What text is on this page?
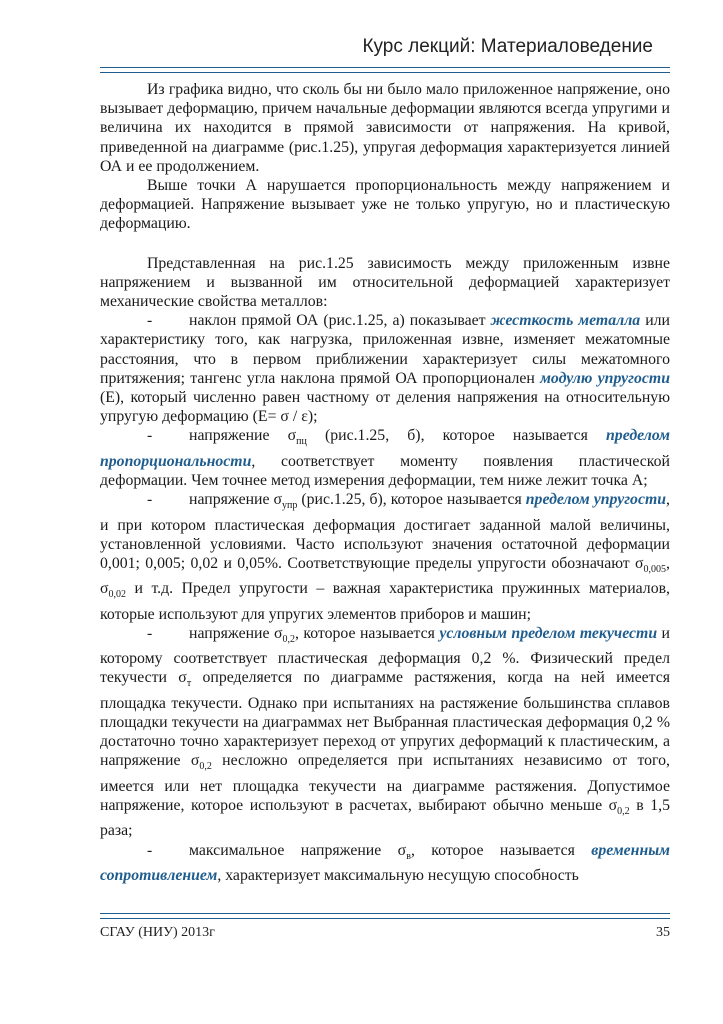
Курс лекций: Материаловедение

Из графика видно, что сколь бы ни было мало приложенное напряжение, оно вызывает деформацию, причем начальные деформации являются всегда упругими и величина их находится в прямой зависимости от напряжения. На кривой, приведенной на диаграмме (рис.1.25), упругая деформация характеризуется линией ОА и ее продолжением.

Выше точки А нарушается пропорциональность между напряжением и деформацией. Напряжение вызывает уже не только упругую, но и пластическую деформацию.

Представленная на рис.1.25 зависимость между приложенным извне напряжением и вызванной им относительной деформацией характеризует механические свойства металлов:

- наклон прямой ОА (рис.1.25, а) показывает жесткость металла или характеристику того, как нагрузка, приложенная извне, изменяет межатомные расстояния, что в первом приближении характеризует силы межатомного притяжения; тангенс угла наклона прямой ОА пропорционален модулю упругости (Е), который численно равен частному от деления напряжения на относительную упругую деформацию (Е= σ / ε);

- напряжение $\sigma_{пц}$ (рис.1.25, б), которое называется пределом пропорциональности, соответствует моменту появления пластической деформации. Чем точнее метод измерения деформации, тем ниже лежит точка А;

- напряжение $\sigma_{упр}$ (рис.1.25, б), которое называется пределом упругости, и при котором пластическая деформация достигает заданной малой величины, установленной условиями. Часто используют значения остаточной деформации 0,001; 0,005; 0,02 и 0,05%. Соответствующие пределы упругости обозначают $\sigma_{0,005}$, $\sigma_{0,02}$ и т.д. Предел упругости – важная характеристика пружинных материалов, которые используют для упругих элементов приборов и машин;

- напряжение $\sigma_{0,2}$, которое называется условным пределом текучести и которому соответствует пластическая деформация 0,2 %. Физический предел текучести $\sigma_т$ определяется по диаграмме растяжения, когда на ней имеется площадка текучести. Однако при испытаниях на растяжение большинства сплавов площадки текучести на диаграммах нет Выбранная пластическая деформация 0,2 % достаточно точно характеризует переход от упругих деформаций к пластическим, а напряжение $\sigma_{0,2}$ несложно определяется при испытаниях независимо от того, имеется или нет площадка текучести на диаграмме растяжения. Допустимое напряжение, которое используют в расчетах, выбирают обычно меньше $\sigma_{0,2}$ в 1,5 раза;

- максимальное напряжение $\sigma_в$, которое называется временным сопротивлением, характеризует максимальную несущую способность

СГАУ (НИУ) 2013г	35
